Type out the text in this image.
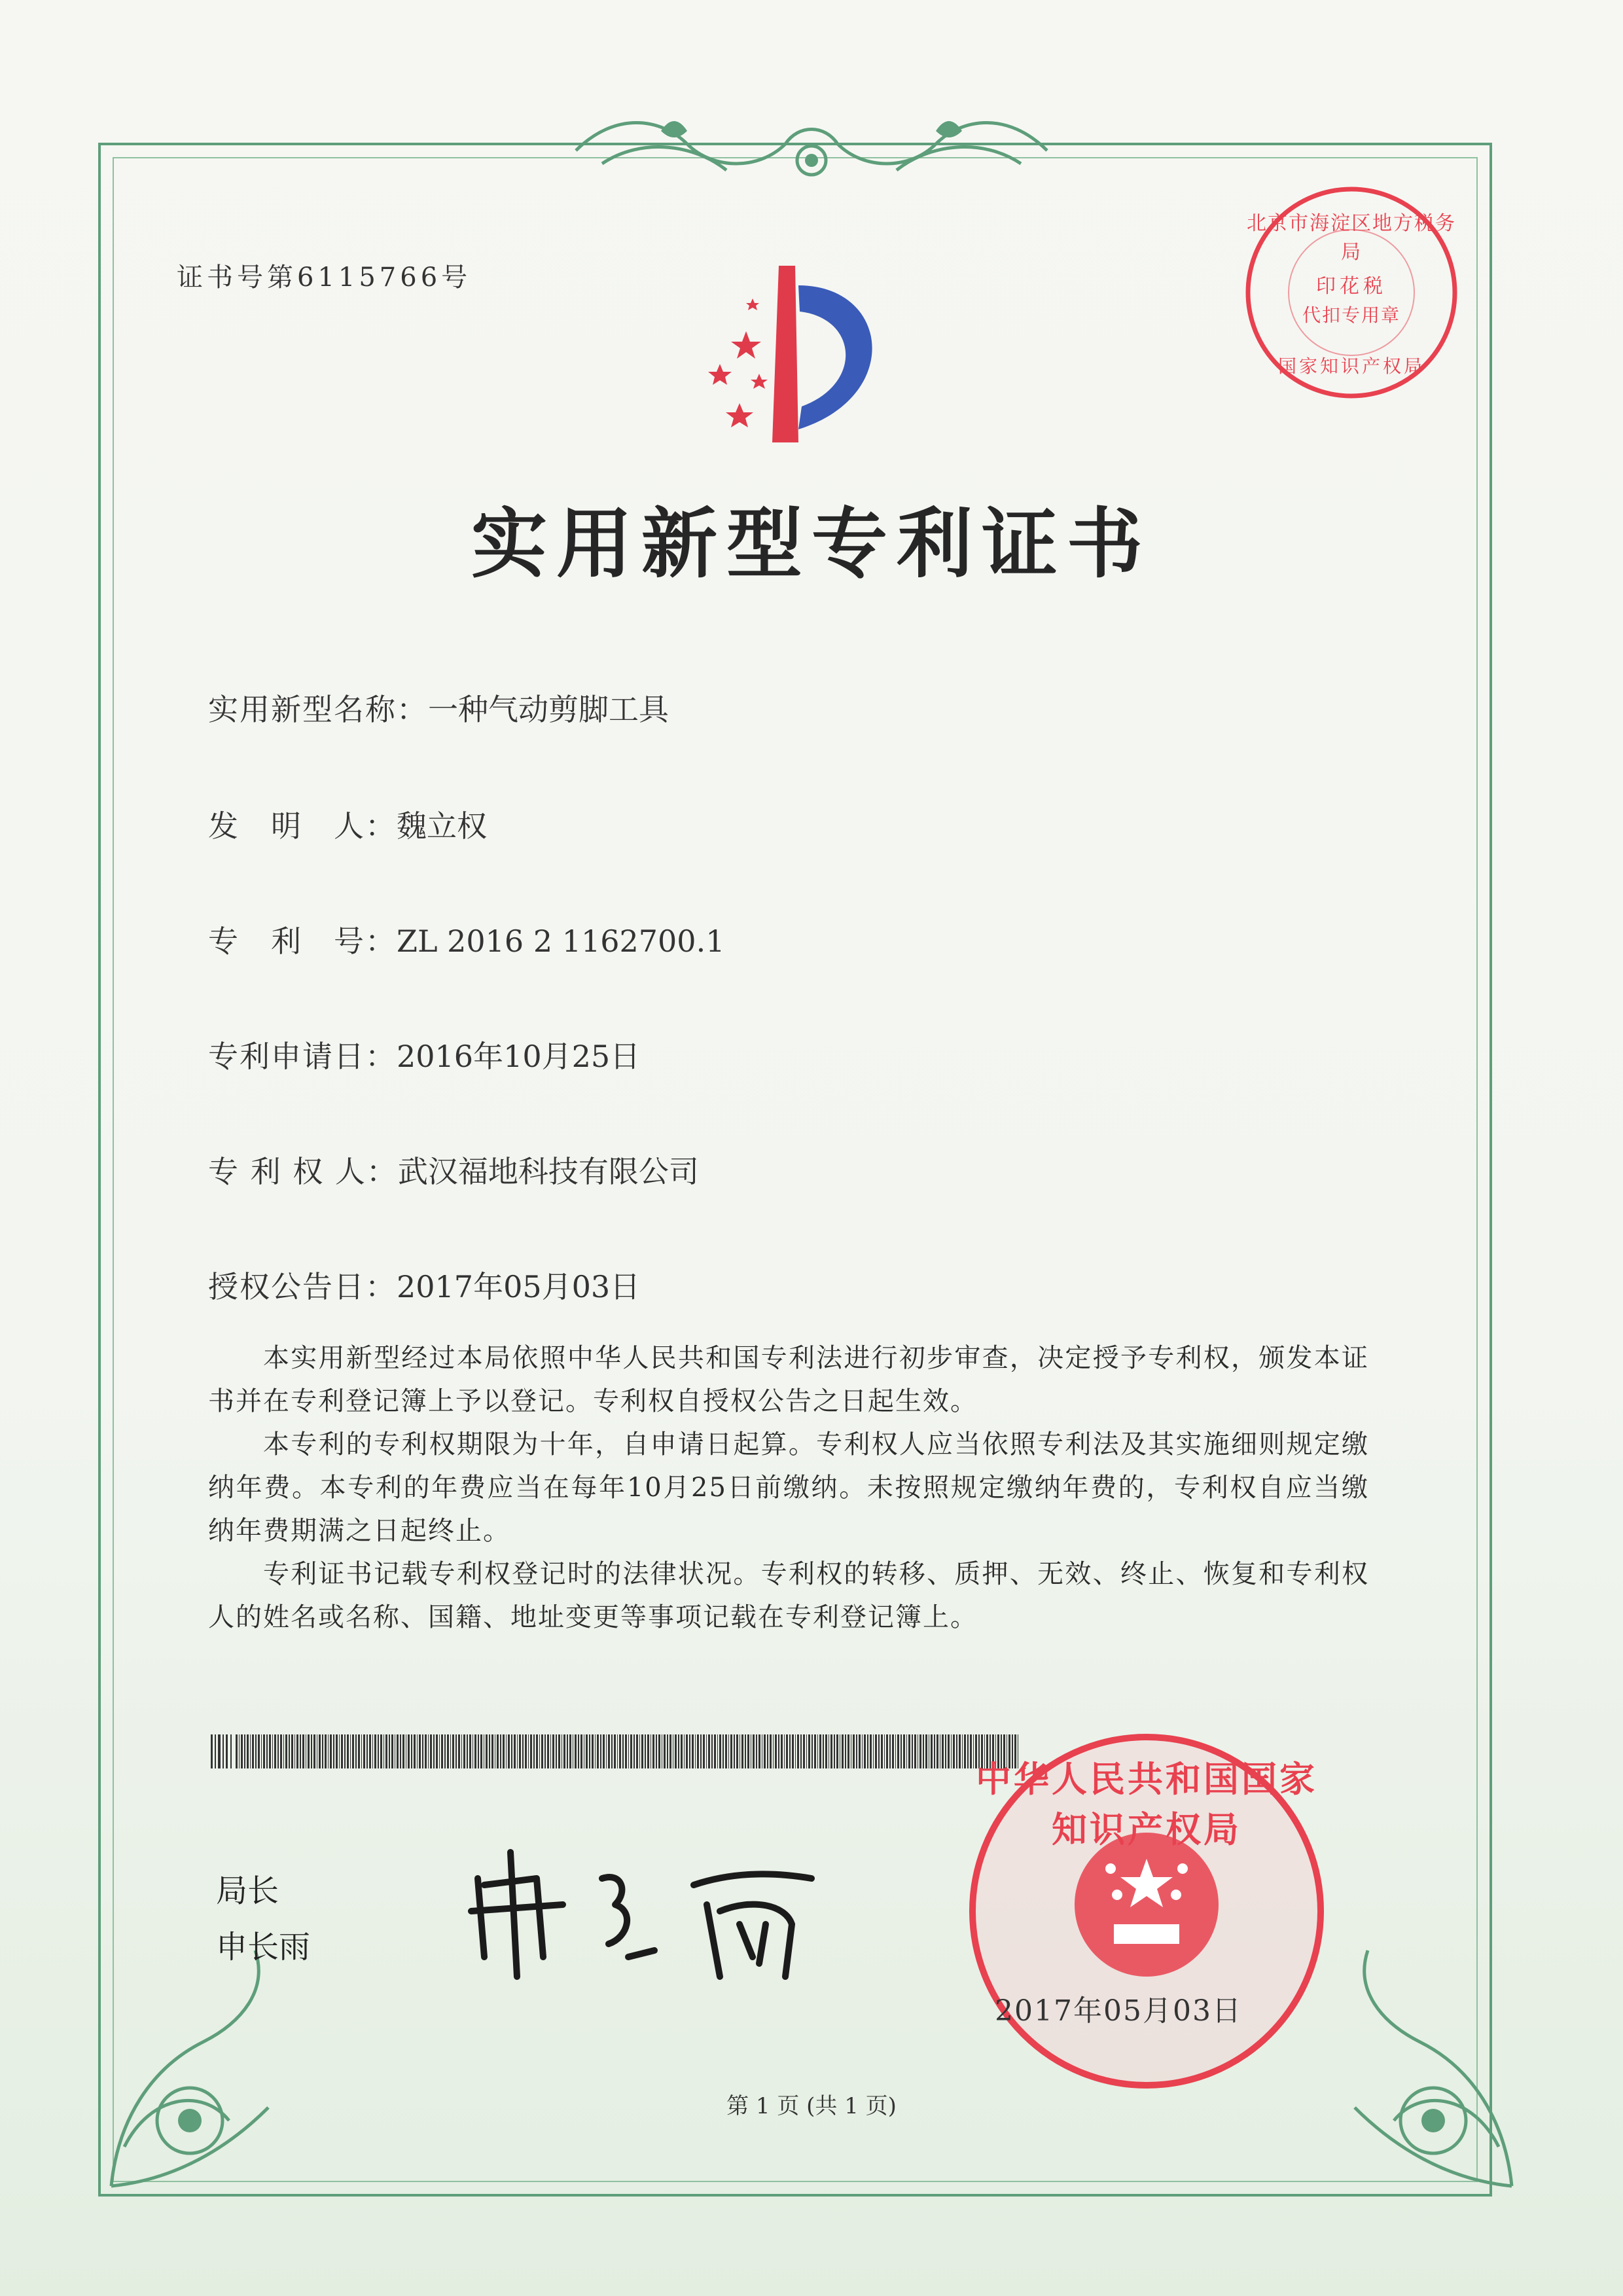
证书号第6115766号
北京市海淀区地方税务局
印花税
代扣专用章
国家知识产权局
实用新型专利证书
实用新型名称：一种气动剪脚工具
发　明　人：魏立权
专　利　号：ZL 2016 2 1162700.1
专利申请日：2016年10月25日
专 利 权 人：武汉福地科技有限公司
授权公告日：2017年05月03日

本实用新型经过本局依照中华人民共和国专利法进行初步审查，决定授予专利权，颁发本证书并在专利登记簿上予以登记。专利权自授权公告之日起生效。

本专利的专利权期限为十年，自申请日起算。专利权人应当依照专利法及其实施细则规定缴纳年费。本专利的年费应当在每年10月25日前缴纳。未按照规定缴纳年费的，专利权自应当缴纳年费期满之日起终止。

专利证书记载专利权登记时的法律状况。专利权的转移、质押、无效、终止、恢复和专利权人的姓名或名称、国籍、地址变更等事项记载在专利登记簿上。

局长
申长雨
中华人民共和国国家知识产权局
2017年05月03日
第 1 页 (共 1 页)
